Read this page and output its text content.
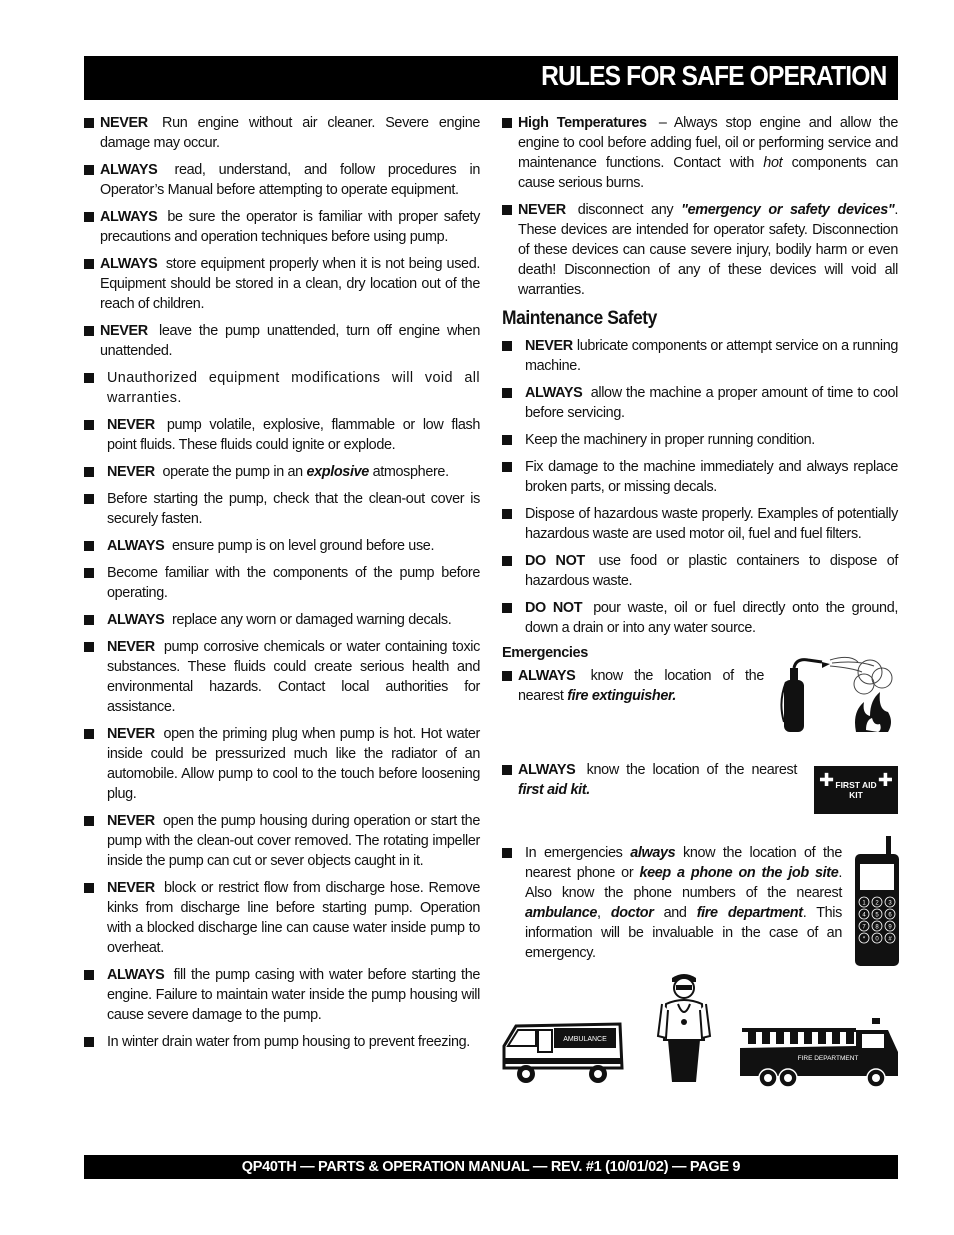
RULES FOR SAFE OPERATION
NEVER Run engine without air cleaner. Severe engine damage may occur.
ALWAYS read, understand, and follow procedures in Operator’s Manual before attempting to operate equipment.
ALWAYS be sure the operator is familiar with proper safety precautions and operation techniques before using pump.
ALWAYS store equipment properly when it is not being used. Equipment should be stored in a clean, dry location out of the reach of children.
NEVER leave the pump unattended, turn off engine when unattended.
Unauthorized equipment modifications will void all warranties.
NEVER pump volatile, explosive, flammable or low flash point fluids. These fluids could ignite or explode.
NEVER operate the pump in an explosive atmosphere.
Before starting the pump, check that the clean-out cover is securely fasten.
ALWAYS ensure pump is on level ground before use.
Become familiar with the components of the pump before operating.
ALWAYS replace any worn or damaged warning decals.
NEVER pump corrosive chemicals or water containing toxic substances. These fluids could create serious health and environmental hazards. Contact local authorities for assistance.
NEVER open the priming plug when pump is hot. Hot water inside could be pressurized much like the radiator of an automobile. Allow pump to cool to the touch before loosening plug.
NEVER open the pump housing during operation or start the pump with the clean-out cover removed. The rotating impeller inside the pump can cut or sever objects caught in it.
NEVER block or restrict flow from discharge hose. Remove kinks from discharge line before starting pump. Operation with a blocked discharge line can cause water inside pump to overheat.
ALWAYS fill the pump casing with water before starting the engine. Failure to maintain water inside the pump housing will cause severe damage to the pump.
In winter drain water from pump housing to prevent freezing.
High Temperatures – Always stop engine and allow the engine to cool before adding fuel, oil or performing service and maintenance functions. Contact with hot components can cause serious burns.
NEVER disconnect any "emergency or safety devices". These devices are intended for operator safety. Disconnection of these devices can cause severe injury, bodily harm or even death! Disconnection of any of these devices will void all warranties.
Maintenance Safety
NEVER lubricate components or attempt service on a running machine.
ALWAYS allow the machine a proper amount of time to cool before servicing.
Keep the machinery in proper running condition.
Fix damage to the machine immediately and always replace broken parts, or missing decals.
Dispose of hazardous waste properly. Examples of potentially hazardous waste are used motor oil, fuel and fuel filters.
DO NOT use food or plastic containers to dispose of hazardous waste.
DO NOT pour waste, oil or fuel directly onto the ground, down a drain or into any water source.
Emergencies
ALWAYS know the location of the nearest fire extinguisher.
ALWAYS know the location of the nearest first aid kit.
In emergencies always know the location of the nearest phone or keep a phone on the job site. Also know the phone numbers of the nearest ambulance, doctor and fire department. This information will be invaluable in the case of an emergency.
✚ FIRST AID
KIT
✚
1 2 3
4 5 6
7 8 9
* 0 #
AMBULANCE
FIRE DEPARTMENT
QP40TH — PARTS & OPERATION MANUAL — REV. #1 (10/01/02) — PAGE 9
